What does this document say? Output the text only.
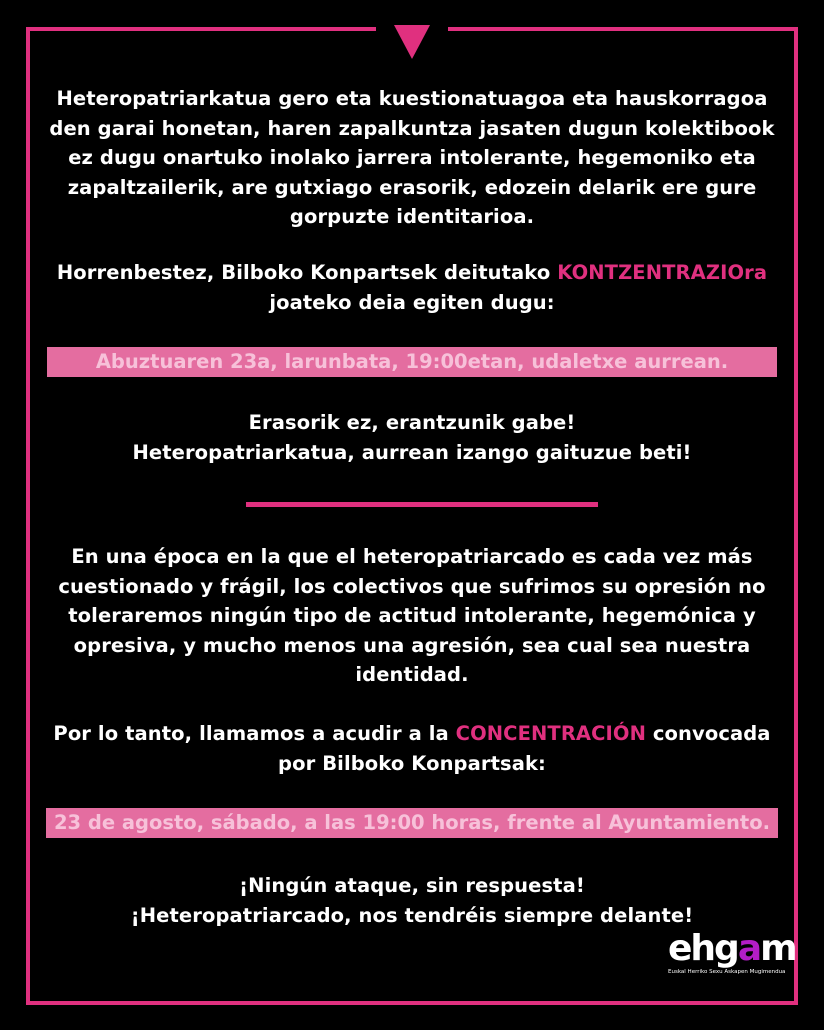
Heteropatriarkatua gero eta kuestionatuagoa eta hauskorragoa den garai honetan, haren zapalkuntza jasaten dugun kolektibook ez dugu onartuko inolako jarrera intolerante, hegemoniko eta zapaltzailerik, are gutxiago erasorik, edozein delarik ere gure gorpuzte identitarioa.

Horrenbestez, Bilboko Konpartsek deitutako KONTZENTRAZIOra joateko deia egiten dugu:

Abuztuaren 23a, larunbata, 19:00etan, udaletxe aurrean.

Erasorik ez, erantzunik gabe!

Heteropatriarkatua, aurrean izango gaituzue beti!

En una época en la que el heteropatriarcado es cada vez más cuestionado y frágil, los colectivos que sufrimos su opresión no toleraremos ningún tipo de actitud intolerante, hegemónica y opresiva, y mucho menos una agresión, sea cual sea nuestra identidad.

Por lo tanto, llamamos a acudir a la CONCENTRACIÓN convocada por Bilboko Konpartsak:

23 de agosto, sábado, a las 19:00 horas, frente al Ayuntamiento.

¡Ningún ataque, sin respuesta!

¡Heteropatriarcado, nos tendréis siempre delante!

ehgam
Euskal Herriko Sexu Askapen Mugimendua
